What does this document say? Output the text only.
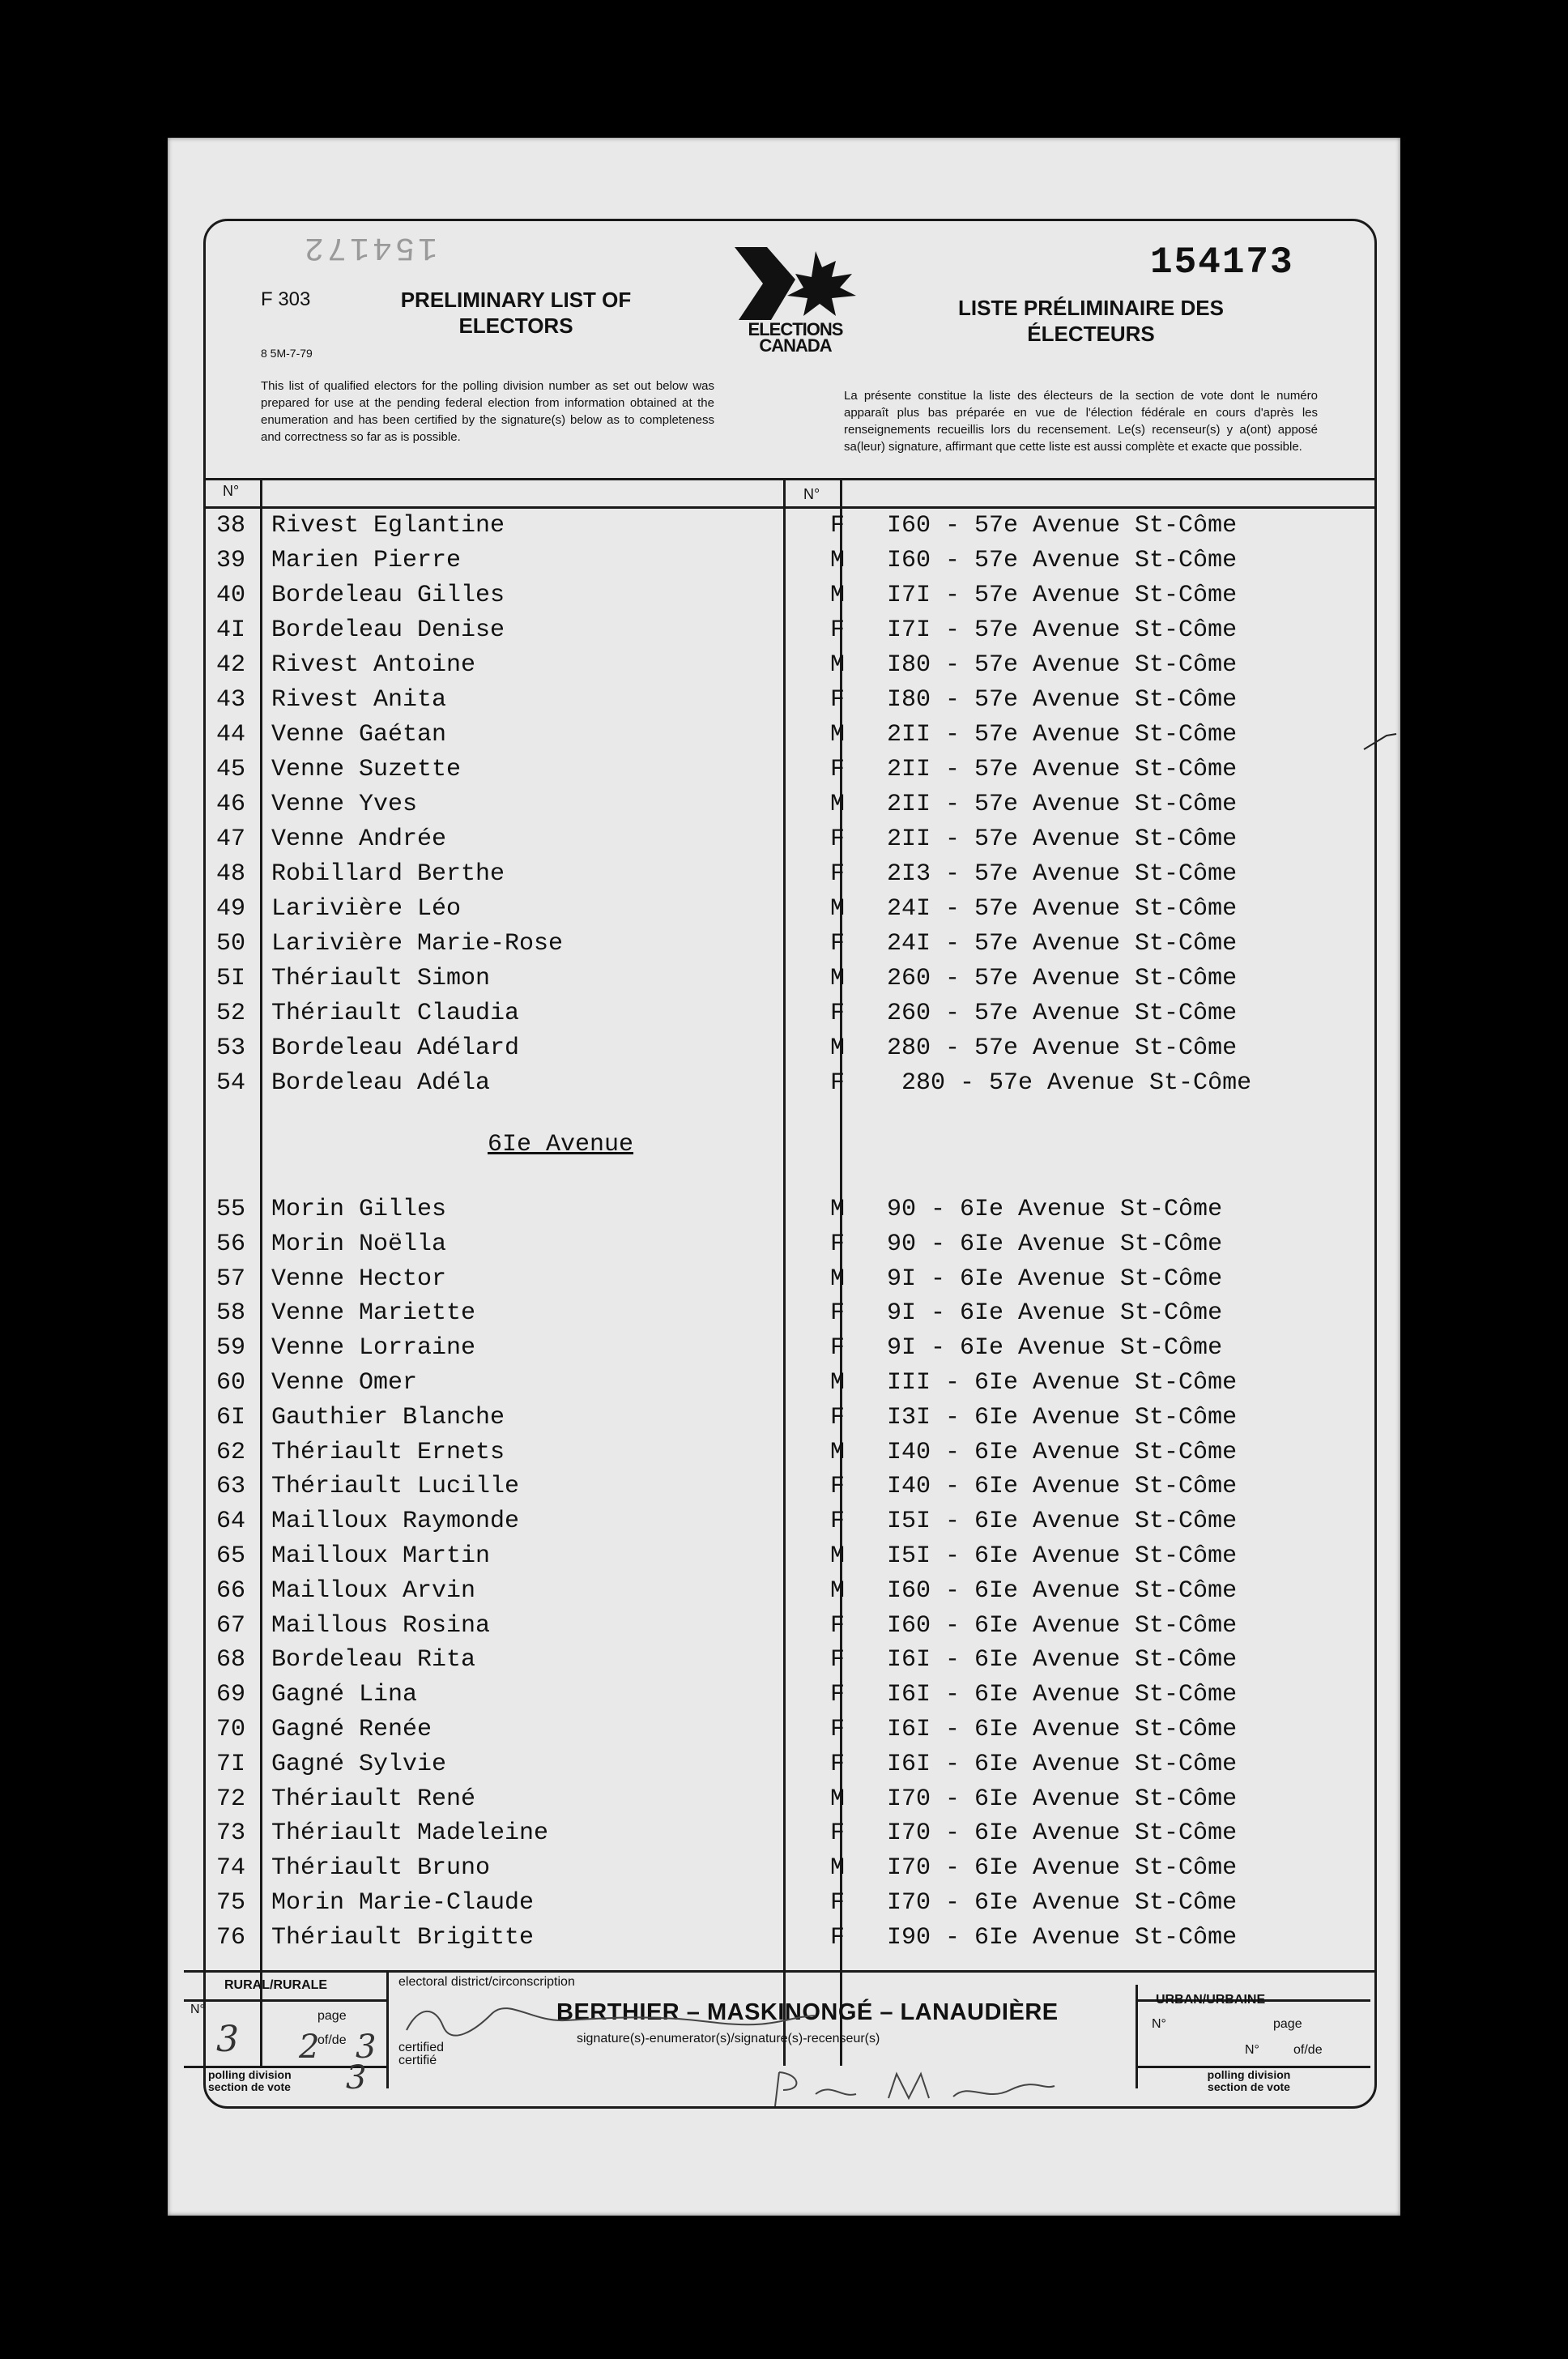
154172	154173
F 303
8 5M-7-79
PRELIMINARY LIST OF ELECTORS
LISTE PRÉLIMINAIRE DES ÉLECTEURS
ELECTIONS
CANADA
This list of qualified electors for the polling division number as set out below was prepared for use at the pending federal election from information obtained at the enumeration and has been certified by the signature(s) below as to completeness and correctness so far as is possible.
La présente constitue la liste des électeurs de la section de vote dont le numéro apparaît plus bas préparée en vue de l'élection fédérale en cours d'après les renseignements recueillis lors du recensement. Le(s) recenseur(s) y a(ont) apposé sa(leur) signature, affirmant que cette liste est aussi complète et exacte que possible.
N°	N°
38	Rivest Eglantine	F I60 - 57e Avenue St-Côme
39	Marien Pierre	M I60 - 57e Avenue St-Côme
40	Bordeleau Gilles	M I7I - 57e Avenue St-Côme
4I	Bordeleau Denise	F I7I - 57e Avenue St-Côme
42	Rivest Antoine	M I80 - 57e Avenue St-Côme
43	Rivest Anita	F I80 - 57e Avenue St-Côme
44	Venne Gaétan	M 2II - 57e Avenue St-Côme
45	Venne Suzette	F 2II - 57e Avenue St-Côme
46	Venne Yves	M 2II - 57e Avenue St-Côme
47	Venne Andrée	F 2II - 57e Avenue St-Côme
48	Robillard Berthe	F 2I3 - 57e Avenue St-Côme
49	Larivière Léo	M 24I - 57e Avenue St-Côme
50	Larivière Marie-Rose	F 24I - 57e Avenue St-Côme
5I	Thériault Simon	M 260 - 57e Avenue St-Côme
52	Thériault Claudia	F 260 - 57e Avenue St-Côme
53	Bordeleau Adélard	M 280 - 57e Avenue St-Côme
54	Bordeleau Adéla	F 280 - 57e Avenue St-Côme
6Ie Avenue
55	Morin Gilles	M 90 - 6Ie Avenue St-Côme
56	Morin Noëlla	F 90 - 6Ie Avenue St-Côme
57	Venne Hector	M 9I - 6Ie Avenue St-Côme
58	Venne Mariette	F 9I - 6Ie Avenue St-Côme
59	Venne Lorraine	F 9I - 6Ie Avenue St-Côme
60	Venne Omer	M III - 6Ie Avenue St-Côme
6I	Gauthier Blanche	F I3I - 6Ie Avenue St-Côme
62	Thériault Ernets	M I40 - 6Ie Avenue St-Côme
63	Thériault Lucille	F I40 - 6Ie Avenue St-Côme
64	Mailloux Raymonde	F I5I - 6Ie Avenue St-Côme
65	Mailloux Martin	M I5I - 6Ie Avenue St-Côme
66	Mailloux Arvin	M I60 - 6Ie Avenue St-Côme
67	Maillous Rosina	F I60 - 6Ie Avenue St-Côme
68	Bordeleau Rita	F I6I - 6Ie Avenue St-Côme
69	Gagné Lina	F I6I - 6Ie Avenue St-Côme
70	Gagné Renée	F I6I - 6Ie Avenue St-Côme
7I	Gagné Sylvie	F I6I - 6Ie Avenue St-Côme
72	Thériault René	M I70 - 6Ie Avenue St-Côme
73	Thériault Madeleine	F I70 - 6Ie Avenue St-Côme
74	Thériault Bruno	M I70 - 6Ie Avenue St-Côme
75	Morin Marie-Claude	F I70 - 6Ie Avenue St-Côme
76	Thériault Brigitte	F I90 - 6Ie Avenue St-Côme
RURAL/RURALE
URBAN/URBAINE
N°	page
of/de
3 2 3
polling division section de vote	3
N°	page
N°	of/de
polling division section de vote
electoral district/circonscription
BERTHIER – MASKINONGÉ – LANAUDIÈRE
certified certifié
signature(s)-enumerator(s)/signature(s)-recenseur(s)
